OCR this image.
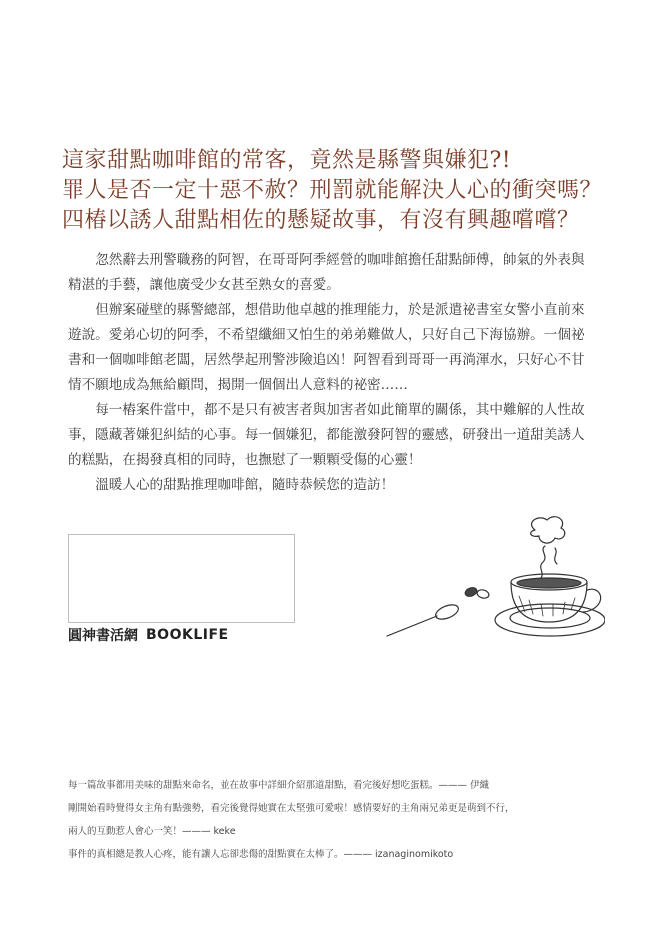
這家甜點咖啡館的常客，竟然是縣警與嫌犯?!
罪人是否一定十惡不赦？刑罰就能解決人心的衝突嗎？
四椿以誘人甜點相佐的懸疑故事，有沒有興趣嚐嚐？

忽然辭去刑警職務的阿智，在哥哥阿季經營的咖啡館擔任甜點師傅，帥氣的外表與精湛的手藝，讓他廣受少女甚至熟女的喜愛。

但辦案碰壁的縣警總部，想借助他卓越的推理能力，於是派遣祕書室女警小直前來遊說。愛弟心切的阿季，不希望纖細又怕生的弟弟難做人，只好自己下海協辦。一個祕書和一個咖啡館老闆，居然學起刑警涉險追凶！阿智看到哥哥一再淌渾水，只好心不甘情不願地成為無給顧問，揭開一個個出人意料的祕密……

每一樁案件當中，都不是只有被害者與加害者如此簡單的關係，其中難解的人性故事，隱藏著嫌犯糾結的心事。每一個嫌犯，都能激發阿智的靈感，研發出一道甜美誘人的糕點，在揭發真相的同時，也撫慰了一顆顆受傷的心靈！

溫暖人心的甜點推理咖啡館，隨時恭候您的造訪！

圓神書活網 BOOKLIFE
每一篇故事都用美味的甜點來命名，並在故事中詳細介紹那道甜點，看完後好想吃蛋糕。——— 伊織
剛開始看時覺得女主角有點強勢，看完後覺得她實在太堅強可愛啦！感情要好的主角兩兄弟更是萌到不行，
兩人的互動惹人會心一笑！——— keke
事件的真相總是教人心疼，能有讓人忘卻悲傷的甜點實在太棒了。——— izanaginomikoto
